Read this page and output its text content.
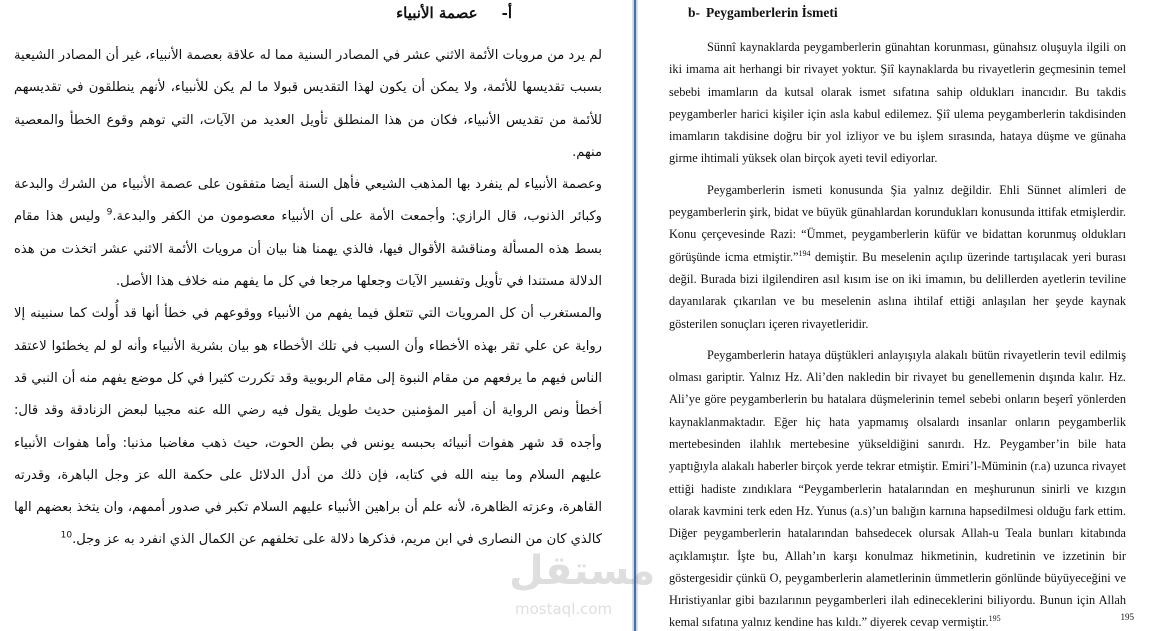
أ-عصمة الأنبياء

لم يرد من مرويات الأئمة الاثني عشر في المصادر السنية مما له علاقة بعصمة الأنبياء، غير أن المصادر الشيعية بسبب تقديسها للأئمة، ولا يمكن أن يكون لهذا التقديس قبولا ما لم يكن للأنبياء، لأنهم ينطلقون في تقديسهم للأئمة من تقديس الأنبياء، فكان من هذا المنطلق تأويل العديد من الآيات، التي توهم وقوع الخطأ والمعصية منهم.

وعصمة الأنبياء لم ينفرد بها المذهب الشيعي فأهل السنة أيضا متفقون على عصمة الأنبياء من الشرك والبدعة وكبائر الذنوب، قال الرازي: وأجمعت الأمة على أن الأنبياء معصومون من الكفر والبدعة.$^9$ وليس هذا مقام بسط هذه المسألة ومناقشة الأقوال فيها، فالذي يهمنا هنا بيان أن مرويات الأئمة الاثني عشر اتخذت من هذه الدلالة مستندا في تأويل وتفسير الآيات وجعلها مرجعا في كل ما يفهم منه خلاف هذا الأصل.

والمستغرب أن كل المرويات التي تتعلق فيما يفهم من الأنبياء ووقوعهم في خطأ أنها قد أُولت كما سنبينه إلا رواية عن علي تقر بهذه الأخطاء وأن السبب في تلك الأخطاء هو بيان بشرية الأنبياء وأنه لو لم يخطئوا لاعتقد الناس فيهم ما يرفعهم من مقام النبوة إلى مقام الربوبية وقد تكررت كثيرا في كل موضع يفهم منه أن النبي قد أخطأ ونص الرواية أن أمير المؤمنين حديث طويل يقول فيه رضي الله عنه مجيبا لبعض الزنادقة وقد قال: وأجده قد شهر هفوات أنبيائه بحبسه يونس في بطن الحوت، حيث ذهب مغاضبا مذنبا: وأما هفوات الأنبياء عليهم السلام وما بينه الله في كتابه، فإن ذلك من أدل الدلائل على حكمة الله عز وجل الباهرة، وقدرته القاهرة، وعزته الظاهرة، لأنه علم أن براهين الأنبياء عليهم السلام تكبر في صدور أممهم، وان يتخذ بعضهم الها كالذي كان من النصارى في ابن مريم، فذكرها دلالة على تخلفهم عن الكمال الذي انفرد به عز وجل.$^{10}$

b- Peygamberlerin İsmeti

Sünnî kaynaklarda peygamberlerin günahtan korunması, günahsız oluşuyla ilgili on iki imama ait herhangi bir rivayet yoktur. Şiî kaynaklarda bu rivayetlerin geçmesinin temel sebebi imamların da kutsal olarak ismet sıfatına sahip oldukları inancıdır. Bu takdis peygamberler harici kişiler için asla kabul edilemez. Şiî ulema peygamberlerin takdisinden imamların takdisine doğru bir yol izliyor ve bu işlem sırasında, hataya düşme ve günaha girme ihtimali yüksek olan birçok ayeti tevil ediyorlar.

Peygamberlerin ismeti konusunda Şia yalnız değildir. Ehli Sünnet alimleri de peygamberlerin şirk, bidat ve büyük günahlardan korundukları konusunda ittifak etmişlerdir. Konu çerçevesinde Razi: “Ümmet, peygamberlerin küfür ve bidattan korunmuş oldukları görüşünde icma etmiştir.”$^{194}$ demiştir. Bu meselenin açılıp üzerinde tartışılacak yeri burası değil. Burada bizi ilgilendiren asıl kısım ise on iki imamın, bu delillerden ayetlerin teviline dayanılarak çıkarılan ve bu meselenin aslına ihtilaf ettiği anlaşılan her şeyde kaynak gösterilen sonuçları içeren rivayetleridir.

Peygamberlerin hataya düştükleri anlayışıyla alakalı bütün rivayetlerin tevil edilmiş olması gariptir. Yalnız Hz. Ali’den nakledin bir rivayet bu genellemenin dışında kalır. Hz. Ali’ye göre peygamberlerin bu hatalara düşmelerinin temel sebebi onların beşerî yönlerden kaynaklanmaktadır. Eğer hiç hata yapmamış olsalardı insanlar onların peygamberlik mertebesinden ilahlık mertebesine yükseldiğini sanırdı. Hz. Peygamber’in bile hata yaptığıyla alakalı haberler birçok yerde tekrar etmiştir. Emiri’l-Müminin (r.a) uzunca rivayet ettiği hadiste zındıklara “Peygamberlerin hatalarından en meşhurunun sinirli ve kızgın olarak kavmini terk eden Hz. Yunus (a.s)’un balığın karnına hapsedilmesi olduğu fark ettim. Diğer peygamberlerin hatalarından bahsedecek olursak Allah-u Teala bunları kitabında açıklamıştır. İşte bu, Allah’ın karşı konulmaz hikmetinin, kudretinin ve izzetinin bir göstergesidir çünkü O, peygamberlerin alametlerinin ümmetlerin gönlünde büyüyeceğini ve Hıristiyanlar gibi bazılarının peygamberleri ilah edineceklerini biliyordu. Bunun için Allah kemal sıfatına yalnız kendine has kıldı.” diyerek cevap vermiştir.$^{195}$	195
مستقل
mostaql.com
